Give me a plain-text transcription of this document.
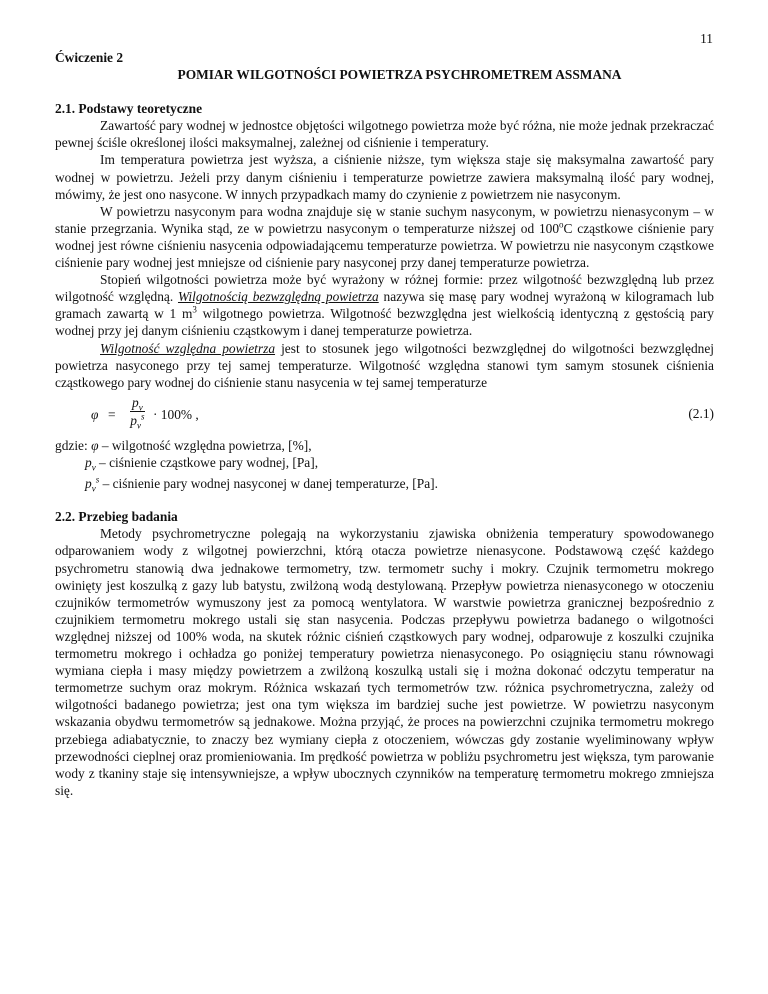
11
Ćwiczenie 2
POMIAR WILGOTNOŚCI POWIETRZA PSYCHROMETREM ASSMANA
2.1. Podstawy teoretyczne

Zawartość pary wodnej w jednostce objętości wilgotnego powietrza może być różna, nie może jednak przekraczać pewnej ściśle określonej ilości maksymalnej, zależnej od ciśnienie i temperatury.

Im temperatura powietrza jest wyższa, a ciśnienie niższe, tym większa staje się maksymalna zawartość pary wodnej w powietrzu. Jeżeli przy danym ciśnieniu i temperaturze powietrze zawiera maksymalną ilość pary wodnej, mówimy, że jest ono nasycone. W innych przypadkach mamy do czynienie z powietrzem nie nasyconym.

W powietrzu nasyconym para wodna znajduje się w stanie suchym nasyconym, w powietrzu nienasyconym – w stanie przegrzania. Wynika stąd, ze w powietrzu nasyconym o temperaturze niższej od 100$^o$C cząstkowe ciśnienie pary wodnej jest równe ciśnieniu nasycenia odpowiadającemu temperaturze powietrza. W powietrzu nie nasyconym cząstkowe ciśnienie pary wodnej jest mniejsze od ciśnienie pary nasyconej przy danej temperaturze powietrza.

Stopień wilgotności powietrza może być wyrażony w różnej formie: przez wilgotność bezwzględną lub przez wilgotność względną. Wilgotnością bezwzględną powietrza nazywa się masę pary wodnej wyrażoną w kilogramach lub gramach zawartą w 1 $m^3$ wilgotnego powietrza. Wilgotność bezwzględna jest wielkością identyczną z gęstością pary wodnej przy jej danym ciśnieniu cząstkowym i danej temperaturze powietrza.

Wilgotność względna powietrza jest to stosunek jego wilgotności bezwzględnej do wilgotności bezwzględnej powietrza nasyconego przy tej samej temperaturze. Wilgotność względna stanowi tym samym stosunek ciśnienia cząstkowego pary wodnej do ciśnienie stanu nasycenia w tej samej temperaturze

φ =
$p_v$
$p_v^s \cdot 100\%$ ,	(2.1)
gdzie: φ – wilgotność względna powietrza, [%],
$p_v$ – ciśnienie cząstkowe pary wodnej, [Pa],
$p_v^s$ – ciśnienie pary wodnej nasyconej w danej temperaturze, [Pa].
2.2. Przebieg badania

Metody psychrometryczne polegają na wykorzystaniu zjawiska obniżenia temperatury spowodowanego odparowaniem wody z wilgotnej powierzchni, którą otacza powietrze nienasycone. Podstawową część każdego psychrometru stanowią dwa jednakowe termometry, tzw. termometr suchy i mokry. Czujnik termometru mokrego owinięty jest koszulką z gazy lub batystu, zwilżoną wodą destylowaną. Przepływ powietrza nienasyconego w otoczeniu czujników termometrów wymuszony jest za pomocą wentylatora. W warstwie powietrza granicznej bezpośrednio z czujnikiem termometru mokrego ustali się stan nasycenia. Podczas przepływu powietrza badanego o wilgotności względnej niższej od 100% woda, na skutek różnic ciśnień cząstkowych pary wodnej, odparowuje z koszulki czujnika termometru mokrego i ochładza go poniżej temperatury powietrza nienasyconego. Po osiągnięciu stanu równowagi wymiana ciepła i masy między powietrzem a zwilżoną koszulką ustali się i można dokonać odczytu temperatur na termometrze suchym oraz mokrym. Różnica wskazań tych termometrów tzw. różnica psychrometryczna, zależy od wilgotności badanego powietrza; jest ona tym większa im bardziej suche jest powietrze. W powietrzu nasyconym wskazania obydwu termometrów są jednakowe. Można przyjąć, że proces na powierzchni czujnika termometru mokrego przebiega adiabatycznie, to znaczy bez wymiany ciepła z otoczeniem, wówczas gdy zostanie wyeliminowany wpływ przewodności cieplnej oraz promieniowania. Im prędkość powietrza w pobliżu psychrometru jest większa, tym parowanie wody z tkaniny staje się intensywniejsze, a wpływ ubocznych czynników na temperaturę termometru mokrego zmniejsza się.
